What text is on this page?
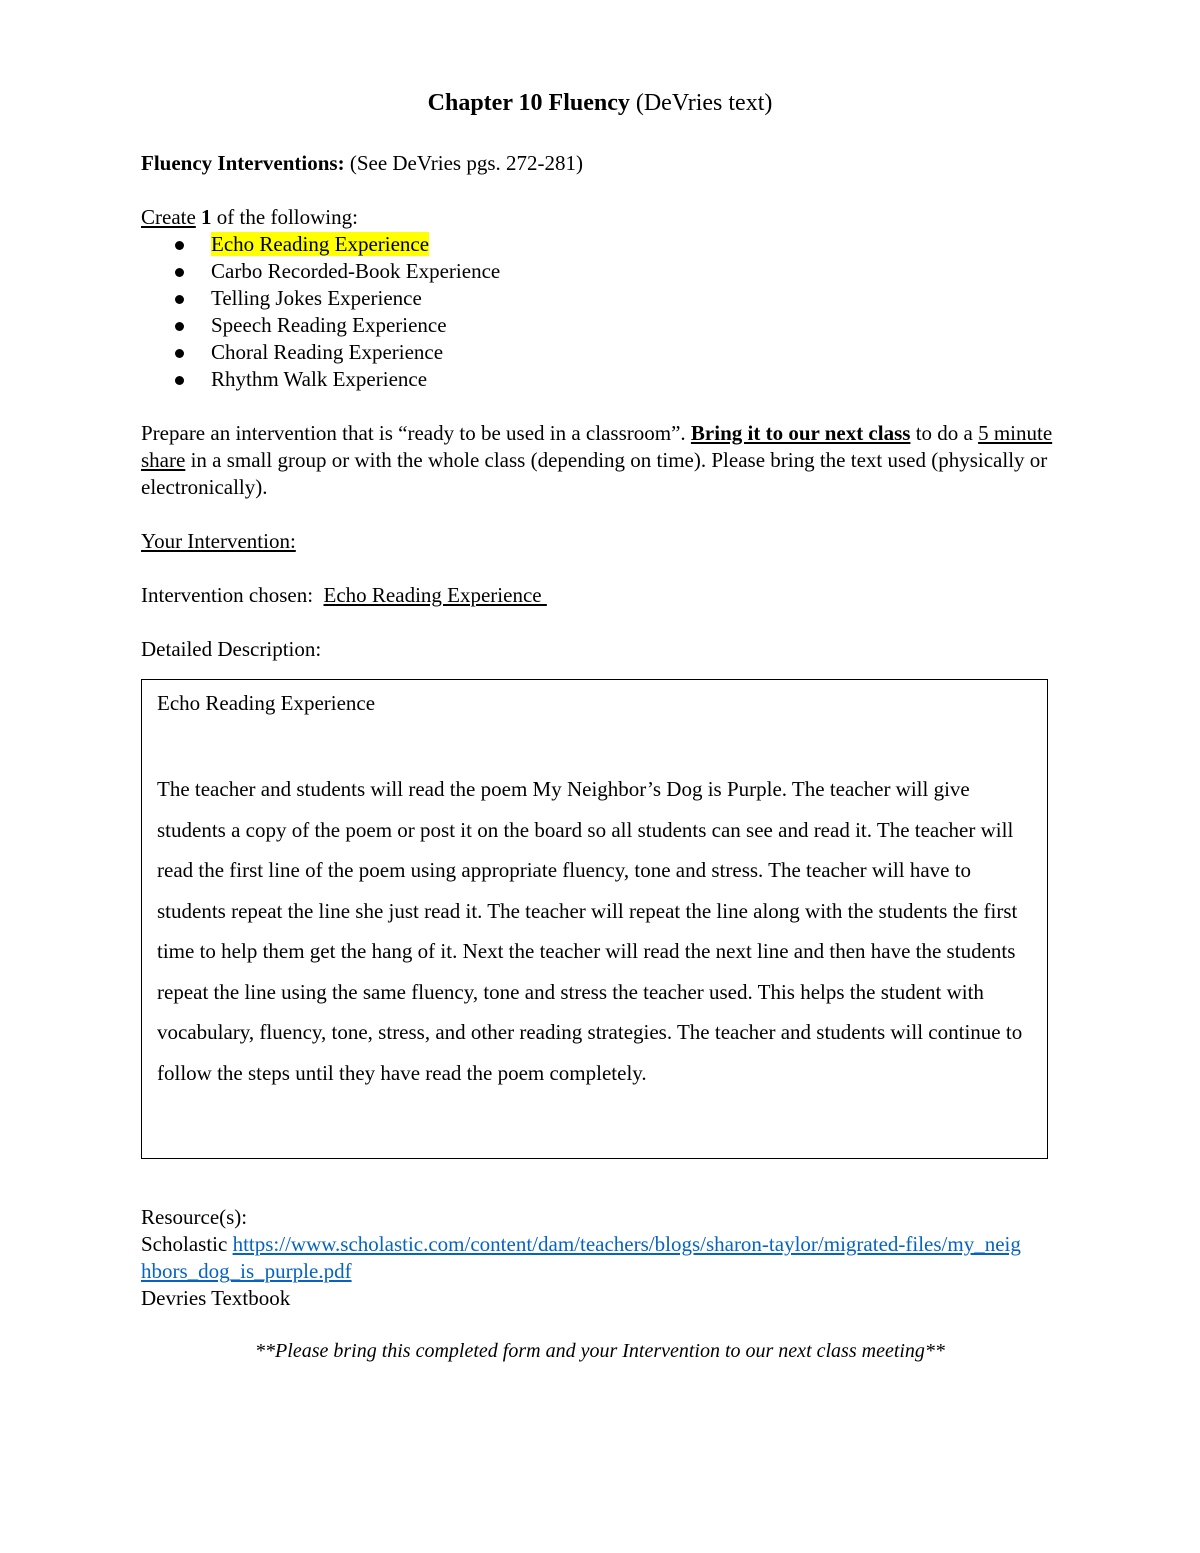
Chapter 10 Fluency (DeVries text)
Fluency Interventions: (See DeVries pgs. 272-281)
Create 1 of the following:
Echo Reading Experience
Carbo Recorded-Book Experience
Telling Jokes Experience
Speech Reading Experience
Choral Reading Experience
Rhythm Walk Experience
Prepare an intervention that is “ready to be used in a classroom”. Bring it to our next class to do a 5 minute share in a small group or with the whole class (depending on time). Please bring the text used (physically or electronically).
Your Intervention:
Intervention chosen:  Echo Reading Experience
Detailed Description:
Echo Reading Experience
The teacher and students will read the poem My Neighbor’s Dog is Purple. The teacher will give students a copy of the poem or post it on the board so all students can see and read it. The teacher will read the first line of the poem using appropriate fluency, tone and stress. The teacher will have to students repeat the line she just read it. The teacher will repeat the line along with the students the first time to help them get the hang of it. Next the teacher will read the next line and then have the students repeat the line using the same fluency, tone and stress the teacher used. This helps the student with vocabulary, fluency, tone, stress, and other reading strategies. The teacher and students will continue to follow the steps until they have read the poem completely.
Resource(s):
Scholastic https://www.scholastic.com/content/dam/teachers/blogs/sharon-taylor/migrated-files/my_neighbors_dog_is_purple.pdf
Devries Textbook
**Please bring this completed form and your Intervention to our next class meeting**
